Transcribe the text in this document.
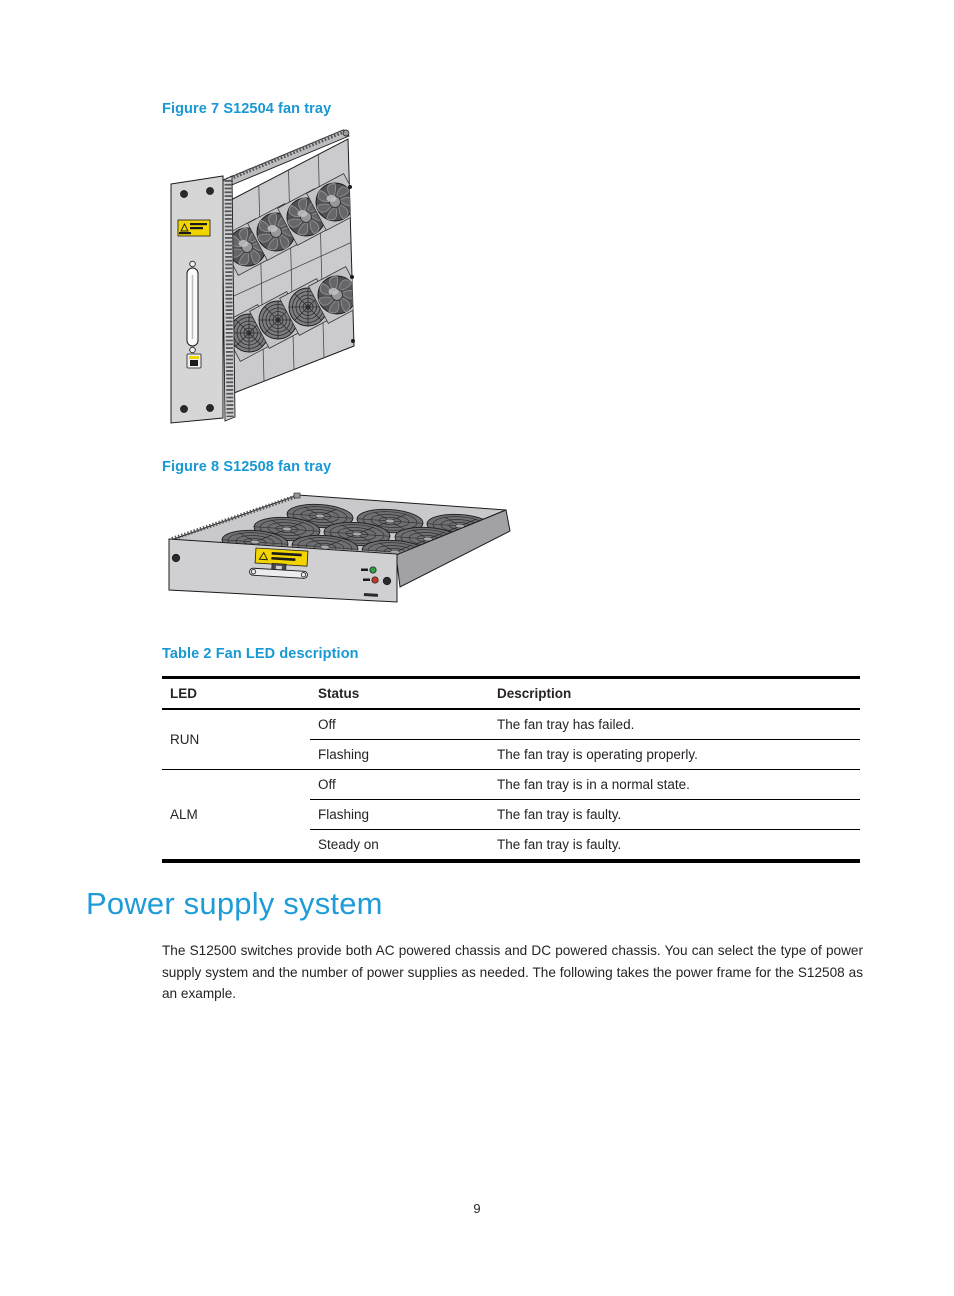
Figure 7 S12504 fan tray
Figure 8 S12508 fan tray
Table 2 Fan LED description
LED	Status	Description
RUN
Off	The fan tray has failed.
Flashing	The fan tray is operating properly.
ALM
Off	The fan tray is in a normal state.
Flashing	The fan tray is faulty.
Steady on	The fan tray is faulty.
Power supply system
The S12500 switches provide both AC powered chassis and DC powered chassis. You can select the type of power supply system and the number of power supplies as needed. The following takes the power frame for the S12508 as an example.
9
